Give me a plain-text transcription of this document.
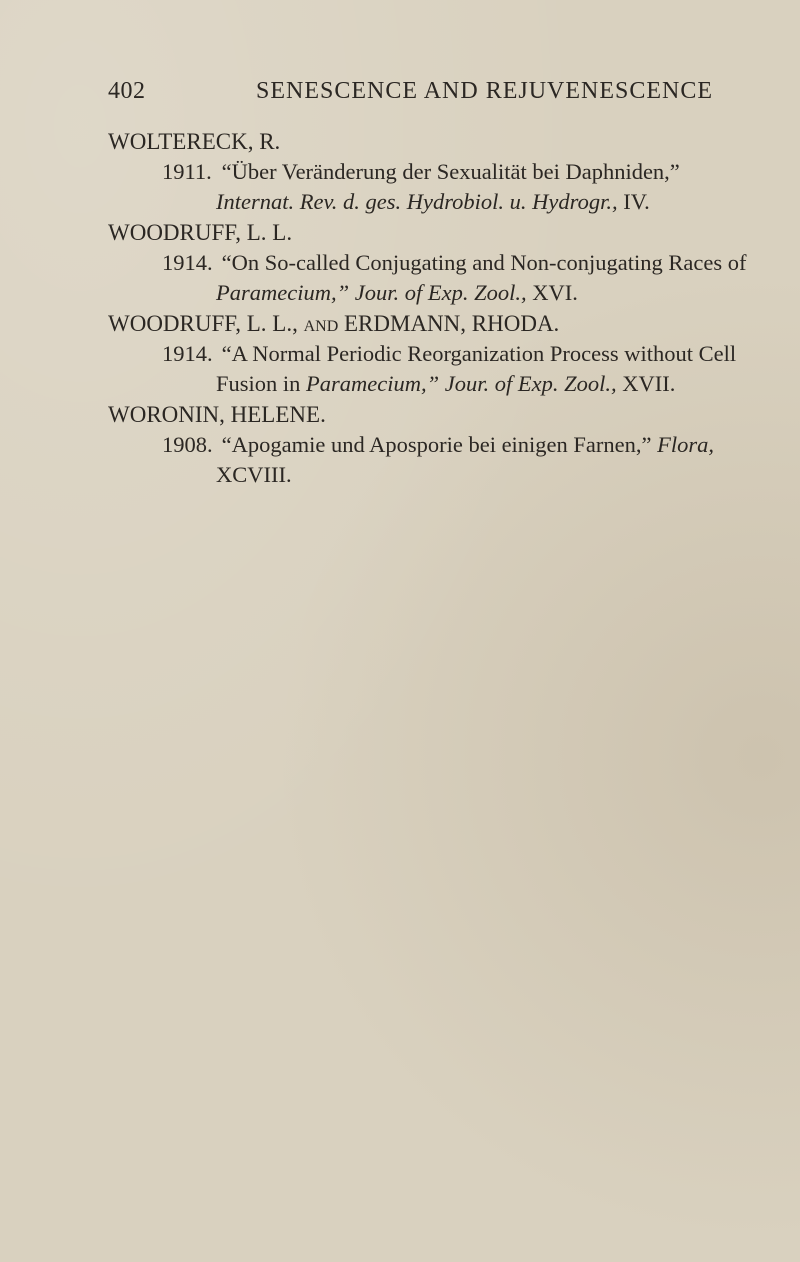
402	SENESCENCE AND REJUVENESCENCE
WOLTERECK, R.
1911. “Über Veränderung der Sexualität bei Daphniden,” Internat. Rev. d. ges. Hydrobiol. u. Hydrogr., IV.
WOODRUFF, L. L.
1914. “On So-called Conjugating and Non-conjugating Races of Paramecium,” Jour. of Exp. Zool., XVI.
WOODRUFF, L. L., and ERDMANN, RHODA.
1914. “A Normal Periodic Reorganization Process without Cell Fusion in Paramecium,” Jour. of Exp. Zool., XVII.
WORONIN, HELENE.
1908. “Apogamie und Aposporie bei einigen Farnen,” Flora, XCVIII.
